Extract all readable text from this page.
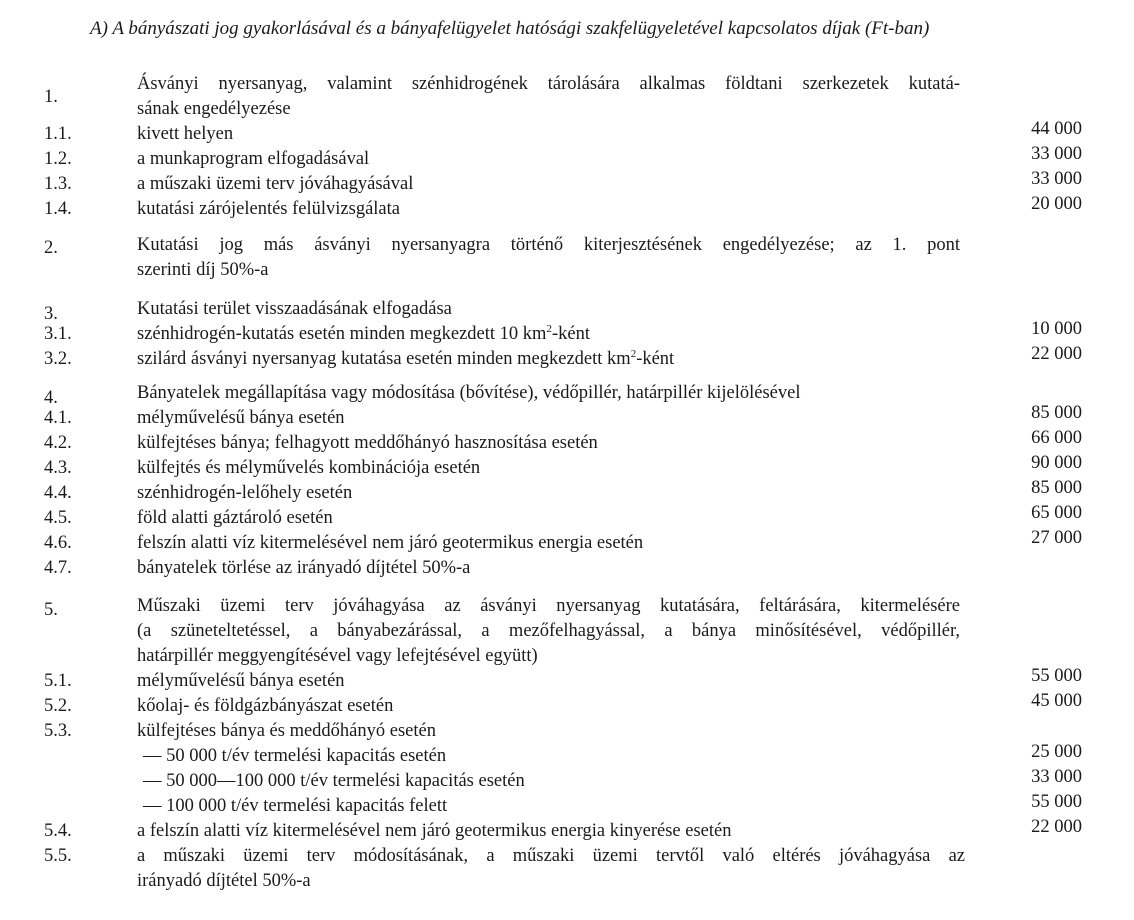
A) A bányászati jog gyakorlásával és a bányafelügyelet hatósági szakfelügyeletével kapcsolatos díjak (Ft-ban)
1.
Ásványi nyersanyag, valamint szénhidrogének tárolására alkalmas földtani szerkezetek kutatá-
sának engedélyezése
1.1.	kivett helyen	44 000
1.2.	a munkaprogram elfogadásával	33 000
1.3.	a műszaki üzemi terv jóváhagyásával	33 000
1.4.	kutatási zárójelentés felülvizsgálata	20 000
2.	Kutatási jog más ásványi nyersanyagra történő kiterjesztésének engedélyezése; az 1. pont
szerinti díj 50%-a
3.	Kutatási terület visszaadásának elfogadása
3.1.	szénhidrogén-kutatás esetén minden megkezdett 10 $km^2$-ként	10 000
3.2.	szilárd ásványi nyersanyag kutatása esetén minden megkezdett $km^2$-ként	22 000
4.	Bányatelek megállapítása vagy módosítása (bővítése), védőpillér, határpillér kijelölésével
4.1.	mélyművelésű bánya esetén	85 000
4.2.	külfejtéses bánya; felhagyott meddőhányó hasznosítása esetén	66 000
4.3.	külfejtés és mélyművelés kombinációja esetén	90 000
4.4.	szénhidrogén-lelőhely esetén	85 000
4.5.	föld alatti gáztároló esetén	65 000
4.6.	felszín alatti víz kitermelésével nem járó geotermikus energia esetén	27 000
4.7.	bányatelek törlése az irányadó díjtétel 50%-a
5.	Műszaki üzemi terv jóváhagyása az ásványi nyersanyag kutatására, feltárására, kitermelésére
(a szüneteltetéssel, a bányabezárással, a mezőfelhagyással, a bánya minősítésével, védőpillér,
határpillér meggyengítésével vagy lefejtésével együtt)
5.1.	mélyművelésű bánya esetén	55 000
5.2.	kőolaj- és földgázbányászat esetén	45 000
5.3.	külfejtéses bánya és meddőhányó esetén
— 50 000 t/év termelési kapacitás esetén	25 000
— 50 000—100 000 t/év termelési kapacitás esetén	33 000
— 100 000 t/év termelési kapacitás felett	55 000
5.4.	a felszín alatti víz kitermelésével nem járó geotermikus energia kinyerése esetén	22 000
5.5.	a műszaki üzemi terv módosításának, a műszaki üzemi tervtől való eltérés jóváhagyása az
irányadó díjtétel 50%-a
